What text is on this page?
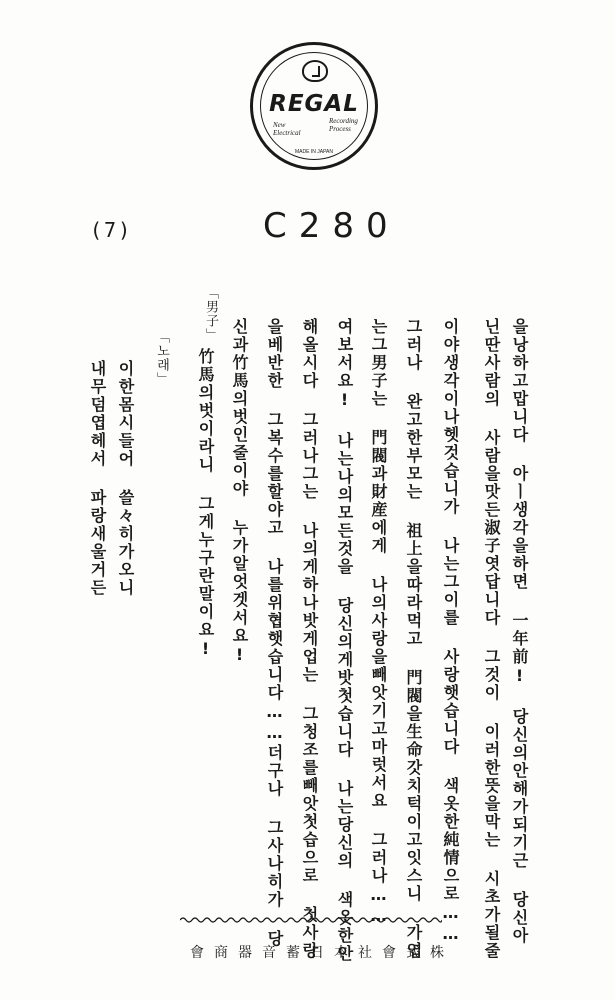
REGAL
New
Electrical
Recording
Process
MADE IN JAPAN
(7)	C280
을낭하고맙니다 아ㅣ생각을하면 一年前! 당신의안해가되기근 당신아
닌딴사람의 사람을맛든淑子엿답니다 그것이 이러한뜻을막는 시초가될줄
이야생각이나헷것습니가 나는그이를 사랑햇습니다 색옷한純情으로……
그러나 완고한부모는 祖上을따라먹고 門閥을生命갓치턱이고잇스니 가엽
는그男子는 門閥과財産에게 나의사랑을빼앗기고마럿서요 그러나……
여보서요! 나는나의모든것을 당신의게밧첫습니다 나는당신의 색옷한안
해올시다 그러나그는 나의게하나밧게업는 그청조를빼앗첫습으로 첫사랑
을베반한 그복수를할야고 나를위협햇습니다……더구나 그사나히가 당
신과竹馬의벗인줄이야 누가알엇겟서요!
「男子」
竹馬의벗이라니 그게누구란말이요!
「노래」
이한몸시들어 쓸々히가오니
내무덤엽헤서 파랑새울거든
會商器音蓄日本社會式株
